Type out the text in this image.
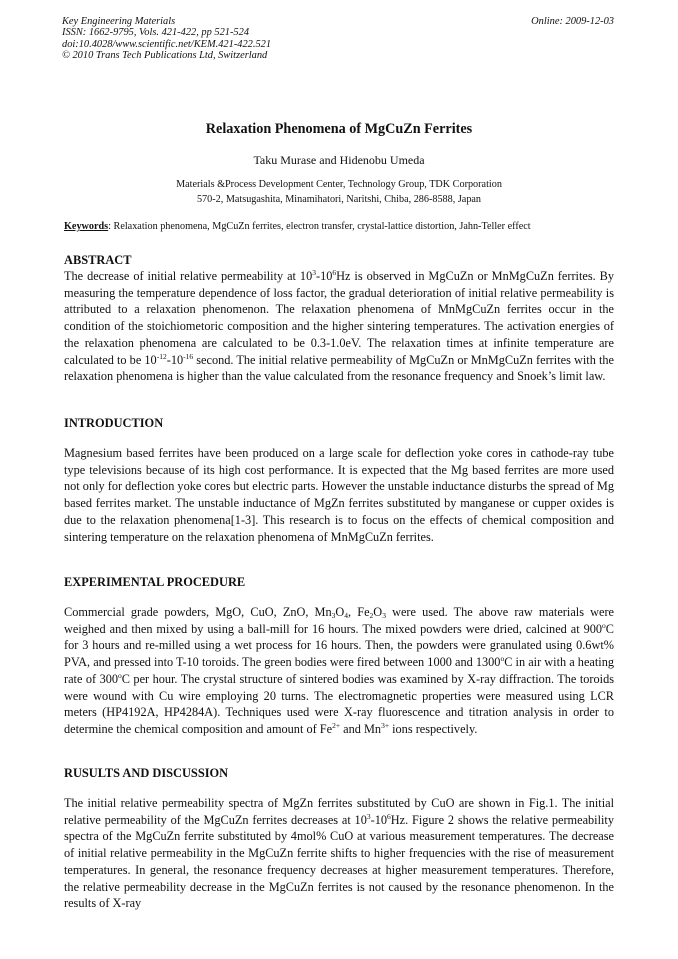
Key Engineering Materials
ISSN: 1662-9795, Vols. 421-422, pp 521-524
doi:10.4028/www.scientific.net/KEM.421-422.521
© 2010 Trans Tech Publications Ltd, Switzerland
Online: 2009-12-03
Relaxation Phenomena of MgCuZn Ferrites
Taku Murase and Hidenobu Umeda
Materials &Process Development Center, Technology Group, TDK Corporation
570-2, Matsugashita, Minamihatori, Naritshi, Chiba, 286-8588, Japan
Keywords: Relaxation phenomena, MgCuZn ferrites, electron transfer, crystal-lattice distortion, Jahn-Teller effect

ABSTRACT

The decrease of initial relative permeability at $10^3-10^6Hz$ is observed in MgCuZn or MnMgCuZn ferrites. By measuring the temperature dependence of loss factor, the gradual deterioration of initial relative permeability is attributed to a relaxation phenomenon. The relaxation phenomena of MnMgCuZn ferrites occur in the condition of the stoichiometoric composition and the higher sintering temperatures. The activation energies of the relaxation phenomena are calculated to be 0.3-1.0eV. The relaxation times at infinite temperature are calculated to be $10^{-12}-10^{-16}$ second. The initial relative permeability of MgCuZn or MnMgCuZn ferrites with the relaxation phenomena is higher than the value calculated from the resonance frequency and Snoek’s limit law.

INTRODUCTION

Magnesium based ferrites have been produced on a large scale for deflection yoke cores in cathode-ray tube type televisions because of its high cost performance. It is expected that the Mg based ferrites are more used not only for deflection yoke cores but electric parts. However the unstable inductance disturbs the spread of Mg based ferrites market. The unstable inductance of MgZn ferrites substituted by manganese or cupper oxides is due to the relaxation phenomena[1-3]. This research is to focus on the effects of chemical composition and sintering temperature on the relaxation phenomena of MnMgCuZn ferrites.

EXPERIMENTAL PROCEDURE

Commercial grade powders, MgO, CuO, ZnO, $Mn_3O_4$, $Fe_2O_3$ were used. The above raw materials were weighed and then mixed by using a ball-mill for 16 hours. The mixed powders were dried, calcined at 900$^o$C for 3 hours and re-milled using a wet process for 16 hours. Then, the powders were granulated using 0.6wt% PVA, and pressed into T-10 toroids. The green bodies were fired between 1000 and 1300$^o$C in air with a heating rate of 300$^o$C per hour. The crystal structure of sintered bodies was examined by X-ray diffraction. The toroids were wound with Cu wire employing 20 turns. The electromagnetic properties were measured using LCR meters (HP4192A, HP4284A). Techniques used were X-ray fluorescence and titration analysis in order to determine the chemical composition and amount of $Fe^{2+}$ and $Mn^{3+}$ ions respectively.

RUSULTS AND DISCUSSION

The initial relative permeability spectra of MgZn ferrites substituted by CuO are shown in Fig.1. The initial relative permeability of the MgCuZn ferrites decreases at $10^3-10^6Hz$. Figure 2 shows the relative permeability spectra of the MgCuZn ferrite substituted by 4mol% CuO at various measurement temperatures. The decrease of initial relative permeability in the MgCuZn ferrite shifts to higher frequencies with the rise of measurement temperatures. In general, the resonance frequency decreases at higher measurement temperatures. Therefore, the relative permeability decrease in the MgCuZn ferrites is not caused by the resonance phenomenon. In the results of X-ray
